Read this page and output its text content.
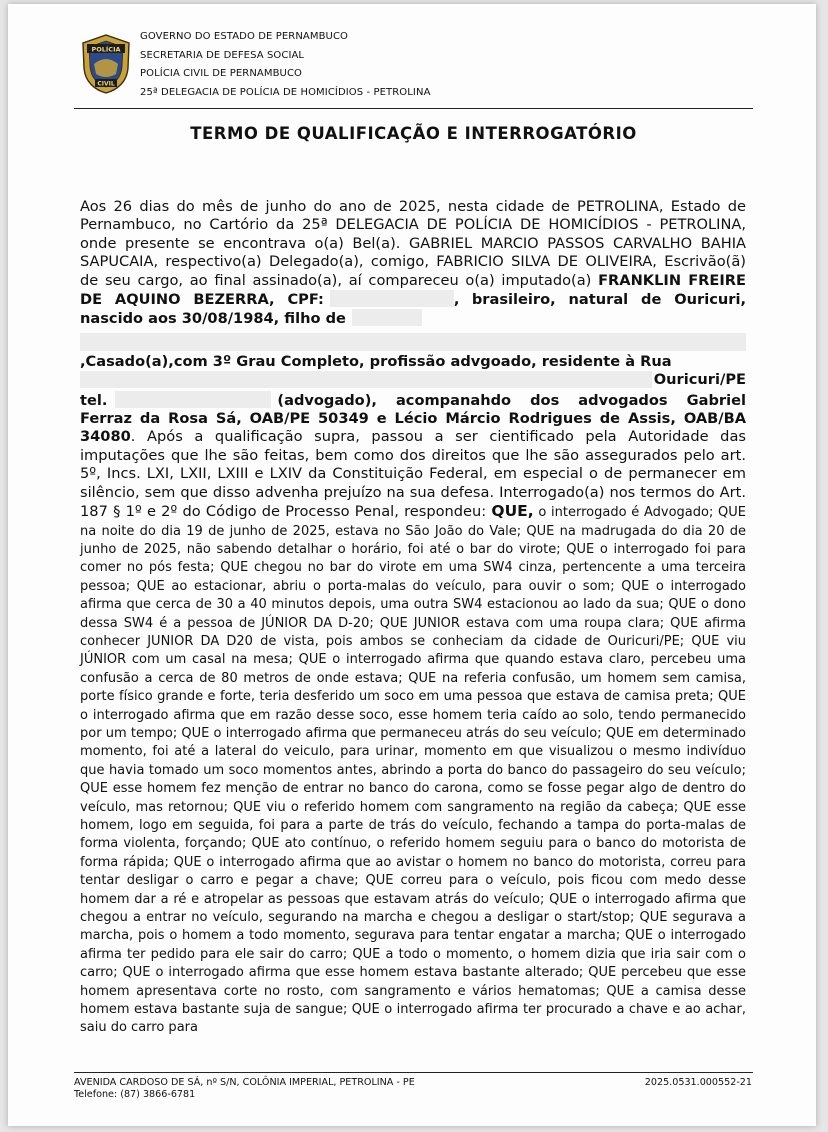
POLÍCIA
CIVIL
GOVERNO DO ESTADO DE PERNAMBUCO
SECRETARIA DE DEFESA SOCIAL
POLÍCIA CIVIL DE PERNAMBUCO
25ª DELEGACIA DE POLÍCIA DE HOMICÍDIOS - PETROLINA
TERMO DE QUALIFICAÇÃO E INTERROGATÓRIO
Aos 26 dias do mês de junho do ano de 2025, nesta cidade de PETROLINA, Estado de Pernambuco, no Cartório da 25ª DELEGACIA DE POLÍCIA DE HOMICÍDIOS - PETROLINA, onde presente se encontrava o(a) Bel(a). GABRIEL MARCIO PASSOS CARVALHO BAHIA SAPUCAIA, respectivo(a) Delegado(a), comigo, FABRICIO SILVA DE OLIVEIRA, Escrivão(ã) de seu cargo, ao final assinado(a), aí compareceu o(a) imputado(a) FRANKLIN FREIRE DE AQUINO BEZERRA, CPF:	, brasileiro, natural de Ouricuri, nascido aos 30/08/1984, filho de
,Casado(a),com 3º Grau Completo, profissão advgoado, residente à Rua

Ouricuri/PE

tel.	(advogado), acompanahdo dos advogados Gabriel Ferraz da Rosa Sá, OAB/PE 50349 e Lécio Márcio Rodrigues de Assis, OAB/BA 34080. Após a qualificação supra, passou a ser cientificado pela Autoridade das imputações que lhe são feitas, bem como dos direitos que lhe são assegurados pelo art. 5º, Incs. LXI, LXII, LXIII e LXIV da Constituição Federal, em especial o de permanecer em silêncio, sem que disso advenha prejuízo na sua defesa. Interrogado(a) nos termos do Art. 187 § 1º e 2º do Código de Processo Penal, respondeu: QUE, o interrogado é Advogado; QUE na noite do dia 19 de junho de 2025, estava no São João do Vale; QUE na madrugada do dia 20 de junho de 2025, não sabendo detalhar o horário, foi até o bar do virote; QUE o interrogado foi para comer no pós festa; QUE chegou no bar do virote em uma SW4 cinza, pertencente a uma terceira pessoa; QUE ao estacionar, abriu o porta-malas do veículo, para ouvir o som; QUE o interrogado afirma que cerca de 30 a 40 minutos depois, uma outra SW4 estacionou ao lado da sua; QUE o dono dessa SW4 é a pessoa de JÚNIOR DA D-20; QUE JUNIOR estava com uma roupa clara; QUE afirma conhecer JUNIOR DA D20 de vista, pois ambos se conheciam da cidade de Ouricuri/PE; QUE viu JÚNIOR com um casal na mesa; QUE o interrogado afirma que quando estava claro, percebeu uma confusão a cerca de 80 metros de onde estava; QUE na referia confusão, um homem sem camisa, porte físico grande e forte, teria desferido um soco em uma pessoa que estava de camisa preta; QUE o interrogado afirma que em razão desse soco, esse homem teria caído ao solo, tendo permanecido por um tempo; QUE o interrogado afirma que permaneceu atrás do seu veículo; QUE em determinado momento, foi até a lateral do veiculo, para urinar, momento em que visualizou o mesmo indivíduo que havia tomado um soco momentos antes, abrindo a porta do banco do passageiro do seu veículo; QUE esse homem fez menção de entrar no banco do carona, como se fosse pegar algo de dentro do veículo, mas retornou; QUE viu o referido homem com sangramento na região da cabeça; QUE esse homem, logo em seguida, foi para a parte de trás do veículo, fechando a tampa do porta-malas de forma violenta, forçando; QUE ato contínuo, o referido homem seguiu para o banco do motorista de forma rápida; QUE o interrogado afirma que ao avistar o homem no banco do motorista, correu para tentar desligar o carro e pegar a chave; QUE correu para o veículo, pois ficou com medo desse homem dar a ré e atropelar as pessoas que estavam atrás do veículo; QUE o interrogado afirma que chegou a entrar no veículo, segurando na marcha e chegou a desligar o start/stop; QUE segurava a marcha, pois o homem a todo momento, segurava para tentar engatar a marcha; QUE o interrogado afirma ter pedido para ele sair do carro; QUE a todo o momento, o homem dizia que iria sair com o carro; QUE o interrogado afirma que esse homem estava bastante alterado; QUE percebeu que esse homem apresentava corte no rosto, com sangramento e vários hematomas; QUE a camisa desse homem estava bastante suja de sangue; QUE o interrogado afirma ter procurado a chave e ao achar, saiu do carro para
AVENIDA CARDOSO DE SÁ, nº S/N, COLÔNIA IMPERIAL, PETROLINA - PE
Telefone: (87) 3866-6781
2025.0531.000552-21
